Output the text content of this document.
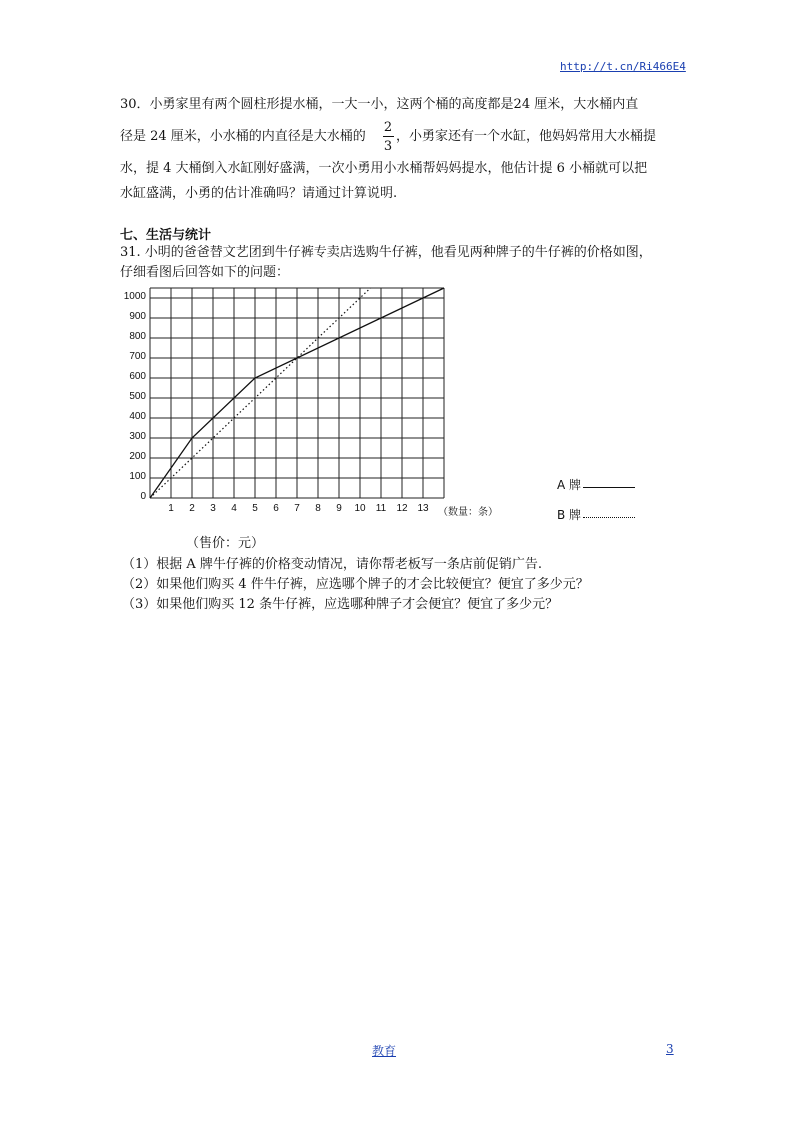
http://t.cn/Ri466E4
30．小勇家里有两个圆柱形提水桶，一大一小，这两个桶的高度都是24 厘米，大水桶内直
径是 24 厘米，小水桶的内直径是大水桶的
2
3
，小勇家还有一个水缸，他妈妈常用大水桶提
水，提 4 大桶倒入水缸刚好盛满，一次小勇用小水桶帮妈妈提水，他估计提 6 小桶就可以把
水缸盛满，小勇的估计准确吗？请通过计算说明.
七、生活与统计
31. 小明的爸爸替文艺团到牛仔裤专卖店选购牛仔裤，他看见两种牌子的牛仔裤的价格如图，
仔细看图后回答如下的问题：
0
100
200
300
400
500
600
700
800
900
1000
1	2	3	4	5	6	7	8	9	10	11	12 13 （数量：条）
A 牌
B 牌
（售价：元）
（1）根据 A 牌牛仔裤的价格变动情况，请你帮老板写一条店前促销广告.
（2）如果他们购买 4 件牛仔裤，应选哪个牌子的才会比较便宜？便宜了多少元？
（3）如果他们购买 12 条牛仔裤，应选哪种牌子才会便宜？便宜了多少元？
教育	3
